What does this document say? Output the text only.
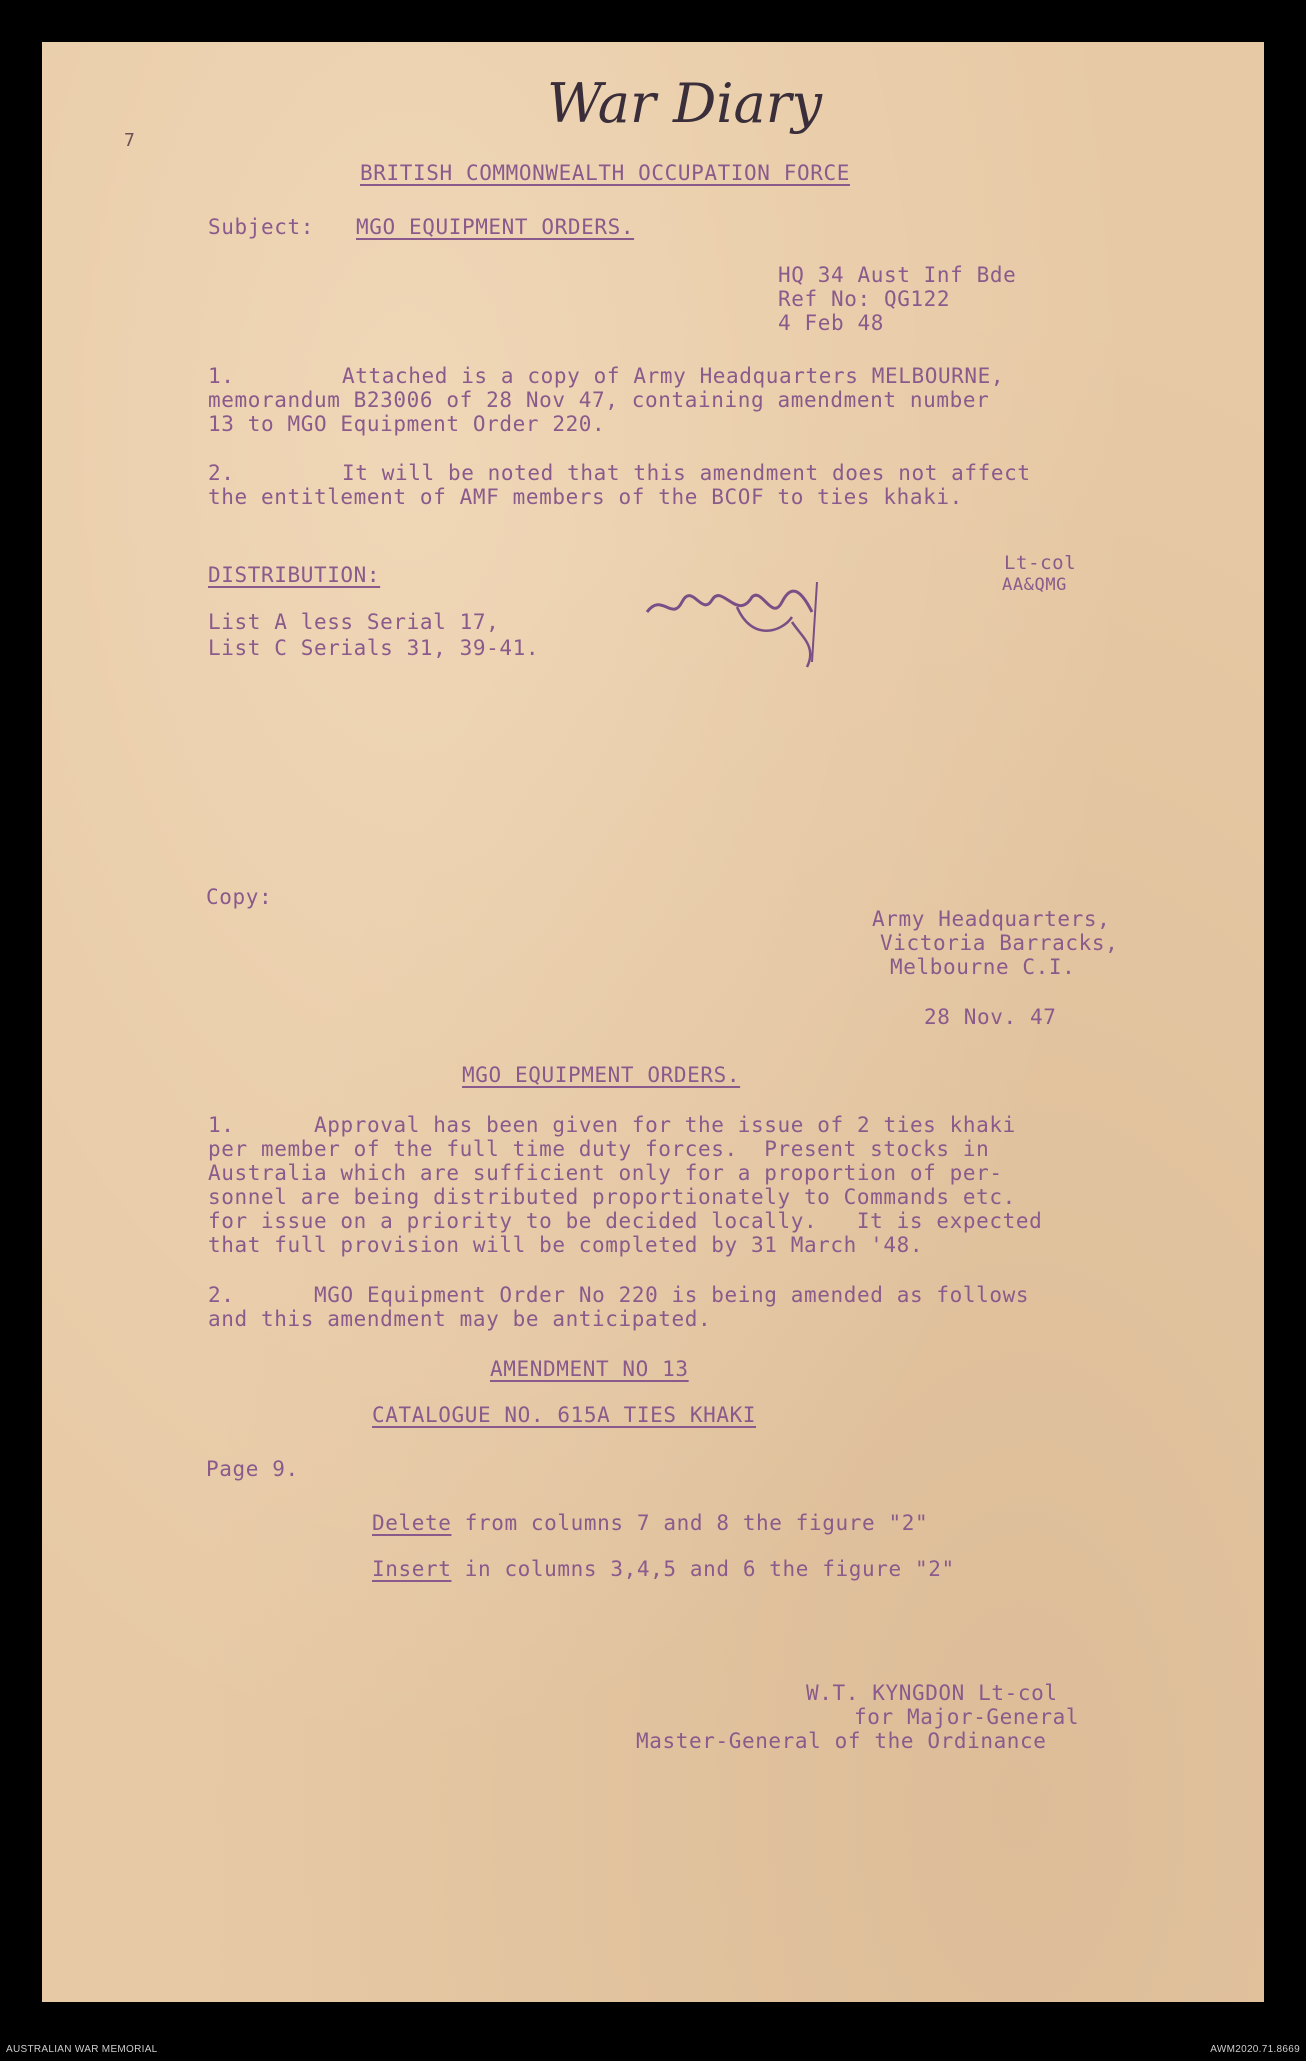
War Diary
7
BRITISH COMMONWEALTH OCCUPATION FORCE
Subject: MGO EQUIPMENT ORDERS.
HQ 34 Aust Inf Bde
Ref No: QG122
4 Feb 48
1.	Attached is a copy of Army Headquarters MELBOURNE,
memorandum B23006 of 28 Nov 47, containing amendment number
13 to MGO Equipment Order 220.
2.	It will be noted that this amendment does not affect
the entitlement of AMF members of the BCOF to ties khaki.
Lt-col
AA&QMG
DISTRIBUTION:
List A less Serial 17,
List C Serials 31, 39-41.
Copy:
Army Headquarters,
Victoria Barracks,
Melbourne C.I.
28 Nov. 47
MGO EQUIPMENT ORDERS.
1.	Approval has been given for the issue of 2 ties khaki
per member of the full time duty forces.  Present stocks in
Australia which are sufficient only for a proportion of per-
sonnel are being distributed proportionately to Commands etc.
for issue on a priority to be decided locally.   It is expected
that full provision will be completed by 31 March '48.
2.	MGO Equipment Order No 220 is being amended as follows
and this amendment may be anticipated.
AMENDMENT NO 13
CATALOGUE NO. 615A TIES KHAKI
Page 9.
Delete from columns 7 and 8 the figure "2"
Insert in columns 3,4,5 and 6 the figure "2"
W.T. KYNGDON Lt-col
for Major-General
Master-General of the Ordinance
AUSTRALIAN WAR MEMORIAL	AWM2020.71.8669
